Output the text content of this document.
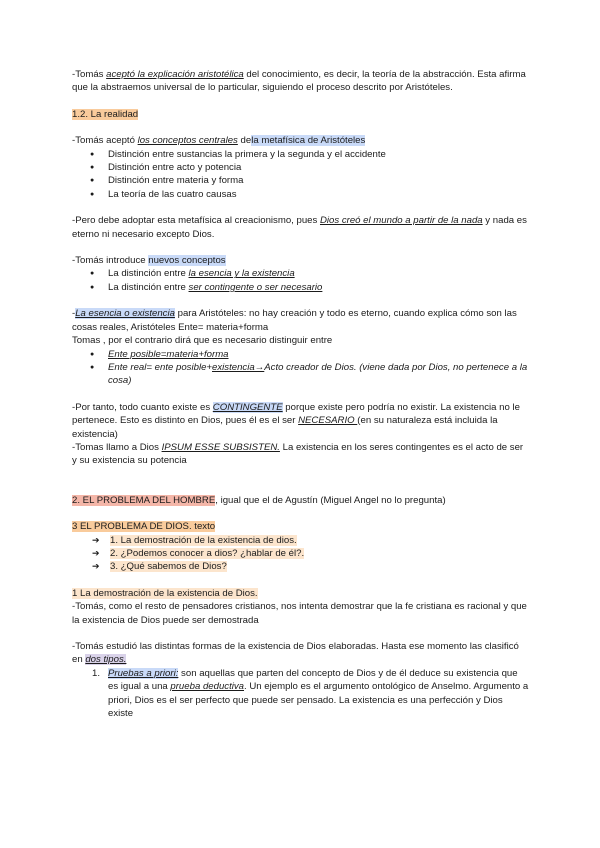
-Tomás aceptó la explicación aristotélica del conocimiento, es decir, la teoría de la abstracción. Esta afirma que la abstraemos universal de lo particular, siguiendo el proceso descrito por Aristóteles.

1.2. La realidad

-Tomás aceptó los conceptos centrales dela metafísica de Aristóteles

● Distinción entre sustancias la primera y la segunda y el accidente
● Distinción entre acto y potencia
● Distinción entre materia y forma
● La teoría de las cuatro causas

-Pero debe adoptar esta metafísica al creacionismo, pues Dios creó el mundo a partir de la nada y nada es eterno ni necesario excepto Dios.

-Tomás introduce nuevos conceptos

● La distinción entre la esencia y la existencia
● La distinción entre ser contingente o ser necesario

-La esencia o existencia para Aristóteles: no hay creación y todo es eterno, cuando explica cómo son las cosas reales, Aristóteles Ente= materia+forma

Tomas , por el contrario dirá que es necesario distinguir entre

● Ente posible=materia+forma
● Ente real= ente posible+existencia→Acto creador de Dios. (viene dada por Dios, no pertenece a la cosa)

-Por tanto, todo cuanto existe es CONTINGENTE porque existe pero podría no existir. La existencia no le pertenece. Esto es distinto en Dios, pues él es el ser NECESARIO (en su naturaleza está incluida la existencia)

-Tomas llamo a Dios IPSUM ESSE SUBSISTEN. La existencia en los seres contingentes es el acto de ser y su existencia su potencia

2. EL PROBLEMA DEL HOMBRE, igual que el de Agustín (Miguel Angel no lo pregunta)

3 EL PROBLEMA DE DIOS. texto

➔ 1. La demostración de la existencia de dios.
➔ 2. ¿Podemos conocer a dios? ¿hablar de él?.
➔ 3. ¿Qué sabemos de Dios?

1 La demostración de la existencia de Dios.

-Tomás, como el resto de pensadores cristianos, nos intenta demostrar que la fe cristiana es racional y que la existencia de Dios puede ser demostrada

-Tomás estudió las distintas formas de la existencia de Dios elaboradas. Hasta ese momento las clasificó en dos tipos.

1. Pruebas a priori: son aquellas que parten del concepto de Dios y de él deduce su existencia que es igual a una prueba deductiva. Un ejemplo es el argumento ontológico de Anselmo. Argumento a priori, Dios es el ser perfecto que puede ser pensado. La existencia es una perfección y Dios existe
